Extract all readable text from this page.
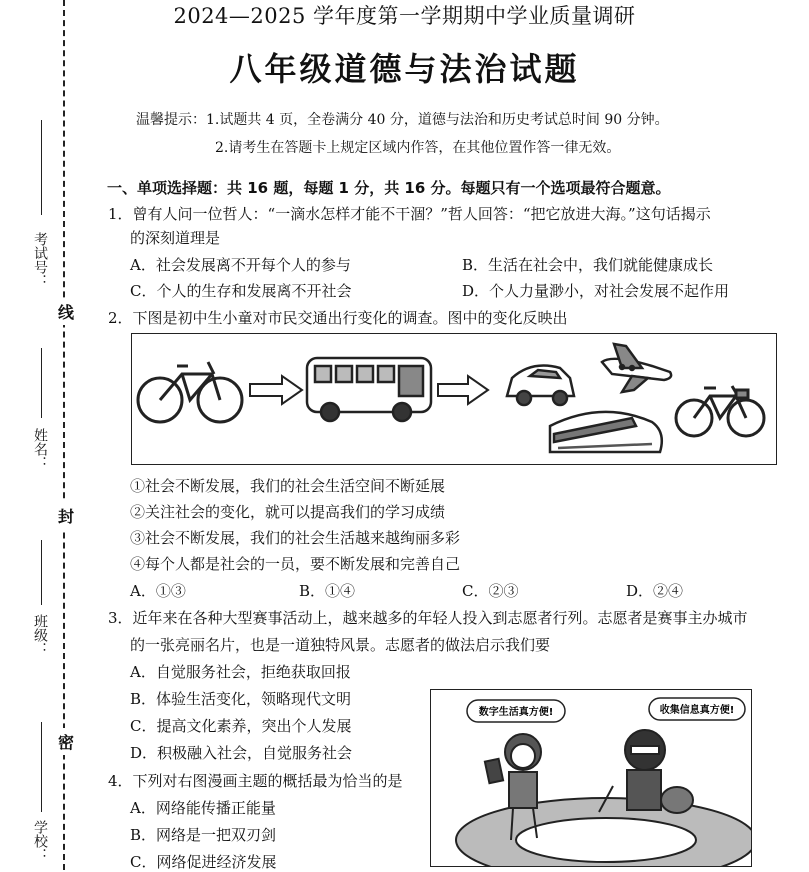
考试号：
姓名：
班级：
学校：
线
封
密
2024—2025 学年度第一学期期中学业质量调研
八年级道德与法治试题
温馨提示：1.试题共 4 页，全卷满分 40 分，道德与法治和历史考试总时间 90 分钟。
2.请考生在答题卡上规定区域内作答，在其他位置作答一律无效。
一、单项选择题：共 16 题，每题 1 分，共 16 分。每题只有一个选项最符合题意。
1．曾有人问一位哲人：“一滴水怎样才能不干涸？”哲人回答：“把它放进大海。”这句话揭示
的深刻道理是
A．社会发展离不开每个人的参与	B．生活在社会中，我们就能健康成长
C．个人的生存和发展离不开社会	D．个人力量渺小，对社会发展不起作用
2．下图是初中生小童对市民交通出行变化的调查。图中的变化反映出
①社会不断发展，我们的社会生活空间不断延展
②关注社会的变化，就可以提高我们的学习成绩
③社会不断发展，我们的社会生活越来越绚丽多彩
④每个人都是社会的一员，要不断发展和完善自己
A．①③	B．①④	C．②③	D．②④
3．近年来在各种大型赛事活动上，越来越多的年轻人投入到志愿者行列。志愿者是赛事主办城市
的一张亮丽名片，也是一道独特风景。志愿者的做法启示我们要
A．自觉服务社会，拒绝获取回报
B．体验生活变化，领略现代文明
C．提高文化素养，突出个人发展
D．积极融入社会，自觉服务社会
4．下列对右图漫画主题的概括最为恰当的是
A．网络能传播正能量
B．网络是一把双刃剑
C．网络促进经济发展
数字生活真方便!	收集信息真方便!
